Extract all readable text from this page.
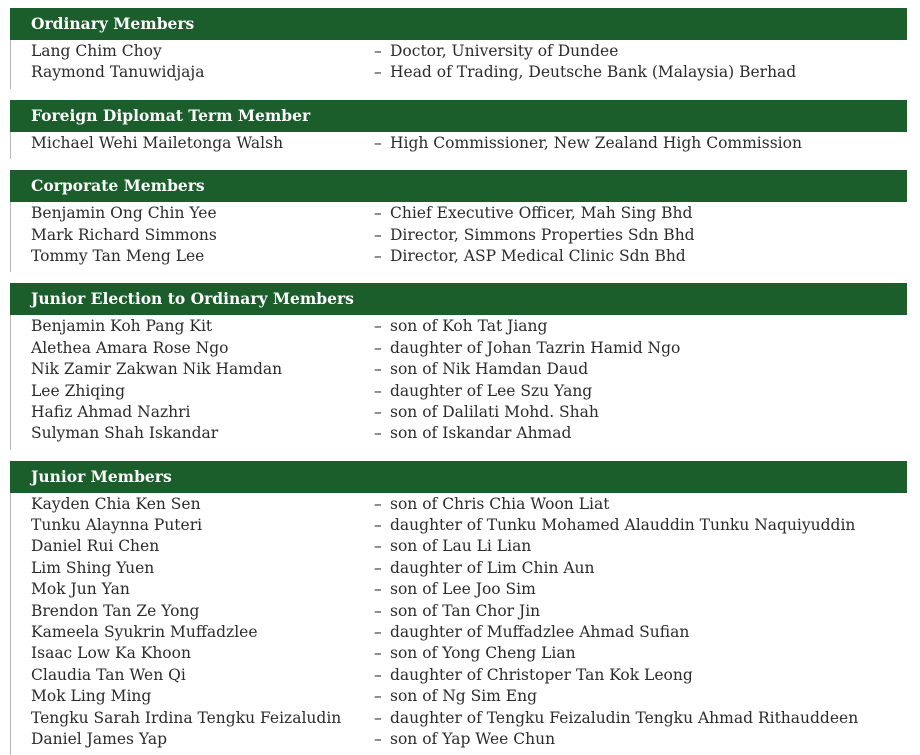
Ordinary Members
Lang Chim Choy	– Doctor, University of Dundee
Raymond Tanuwidjaja	– Head of Trading, Deutsche Bank (Malaysia) Berhad
Foreign Diplomat Term Member
Michael Wehi Mailetonga Walsh	– High Commissioner, New Zealand High Commission
Corporate Members
Benjamin Ong Chin Yee	– Chief Executive Officer, Mah Sing Bhd
Mark Richard Simmons	– Director, Simmons Properties Sdn Bhd
Tommy Tan Meng Lee	– Director, ASP Medical Clinic Sdn Bhd
Junior Election to Ordinary Members
Benjamin Koh Pang Kit	– son of Koh Tat Jiang
Alethea Amara Rose Ngo	– daughter of Johan Tazrin Hamid Ngo
Nik Zamir Zakwan Nik Hamdan	– son of Nik Hamdan Daud
Lee Zhiqing	– daughter of Lee Szu Yang
Hafiz Ahmad Nazhri	– son of Dalilati Mohd. Shah
Sulyman Shah Iskandar	– son of Iskandar Ahmad
Junior Members
Kayden Chia Ken Sen	– son of Chris Chia Woon Liat
Tunku Alaynna Puteri	– daughter of Tunku Mohamed Alauddin Tunku Naquiyuddin
Daniel Rui Chen	– son of Lau Li Lian
Lim Shing Yuen	– daughter of Lim Chin Aun
Mok Jun Yan	– son of Lee Joo Sim
Brendon Tan Ze Yong	– son of Tan Chor Jin
Kameela Syukrin Muffadzlee	– daughter of Muffadzlee Ahmad Sufian
Isaac Low Ka Khoon	– son of Yong Cheng Lian
Claudia Tan Wen Qi	– daughter of Christoper Tan Kok Leong
Mok Ling Ming	– son of Ng Sim Eng
Tengku Sarah Irdina Tengku Feizaludin	– daughter of Tengku Feizaludin Tengku Ahmad Rithauddeen
Daniel James Yap	– son of Yap Wee Chun
